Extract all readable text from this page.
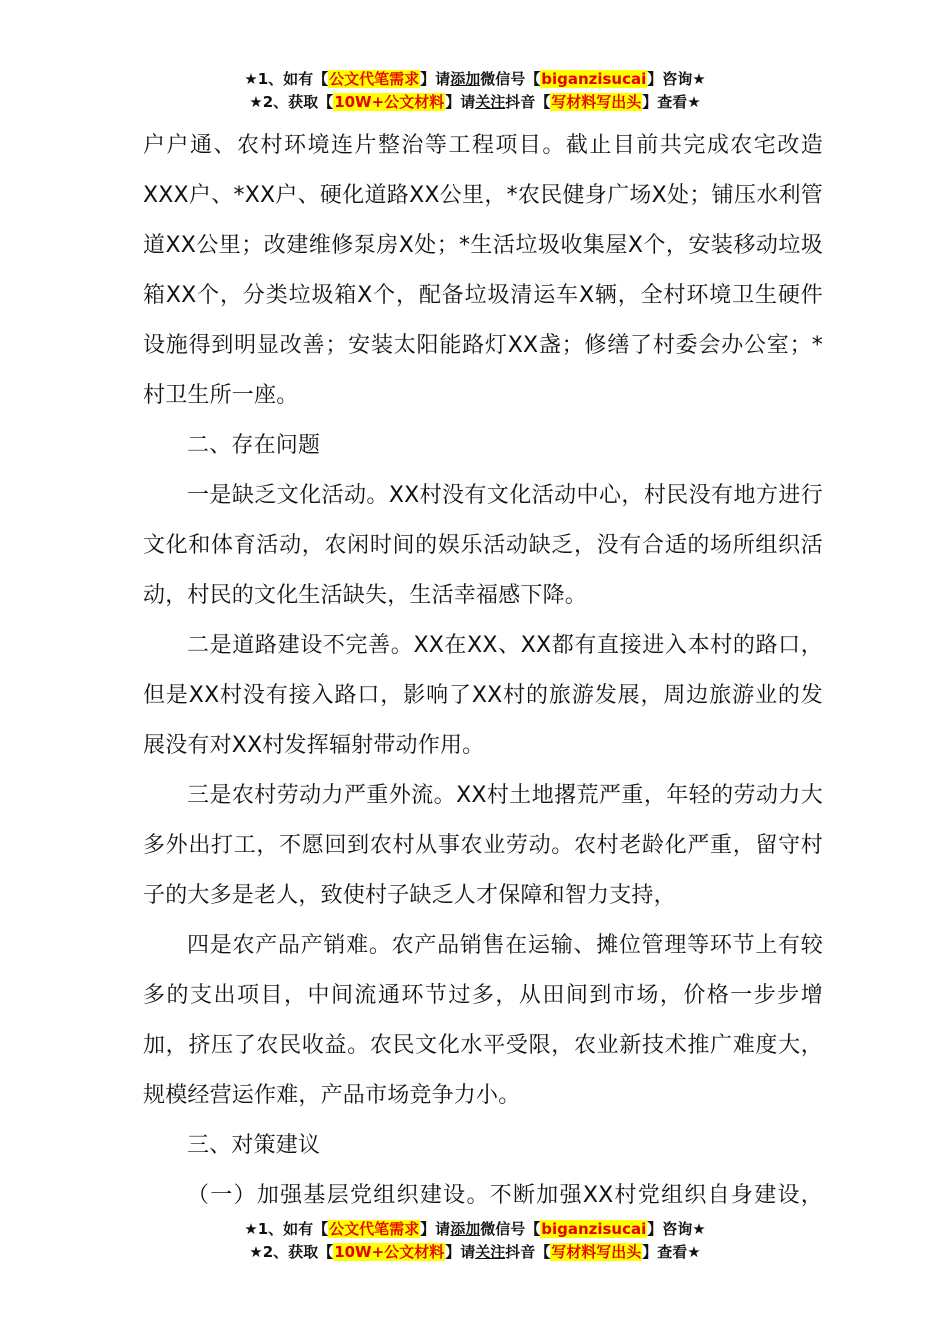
★1、如有【公文代笔需求】请添加微信号【biganzisucai】咨询★
★2、获取【10W+公文材料】请关注抖音【写材料写出头】查看★

户户通、农村环境连片整治等工程项目。截止目前共完成农宅改造XXX户、*XX户、硬化道路XX公里，*农民健身广场X处；铺压水利管道XX公里；改建维修泵房X处；*生活垃圾收集屋X个，安装移动垃圾箱XX个，分类垃圾箱X个，配备垃圾清运车X辆，全村环境卫生硬件设施得到明显改善；安装太阳能路灯XX盏；修缮了村委会办公室；*村卫生所一座。

二、存在问题

一是缺乏文化活动。XX村没有文化活动中心，村民没有地方进行文化和体育活动，农闲时间的娱乐活动缺乏，没有合适的场所组织活动，村民的文化生活缺失，生活幸福感下降。

二是道路建设不完善。XX在XX、XX都有直接进入本村的路口，但是XX村没有接入路口，影响了XX村的旅游发展，周边旅游业的发展没有对XX村发挥辐射带动作用。

三是农村劳动力严重外流。XX村土地撂荒严重，年轻的劳动力大多外出打工，不愿回到农村从事农业劳动。农村老龄化严重，留守村子的大多是老人，致使村子缺乏人才保障和智力支持，

四是农产品产销难。农产品销售在运输、摊位管理等环节上有较多的支出项目，中间流通环节过多，从田间到市场，价格一步步增加，挤压了农民收益。农民文化水平受限，农业新技术推广难度大，规模经营运作难，产品市场竞争力小。

三、对策建议

（一）加强基层党组织建设。不断加强XX村党组织自身建设，

★1、如有【公文代笔需求】请添加微信号【biganzisucai】咨询★
★2、获取【10W+公文材料】请关注抖音【写材料写出头】查看★
